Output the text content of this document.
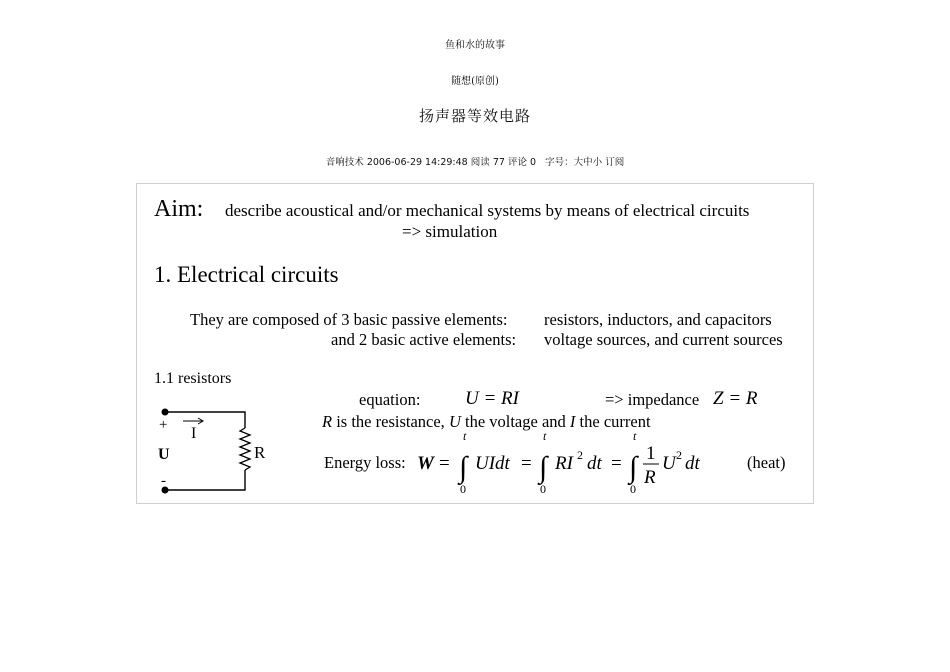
鱼和水的故事
随想(原创)
扬声器等效电路
音响技术 2006-06-29 14:29:48 阅读 77 评论 0 字号：大中小 订阅
Aim: describe acoustical and/or mechanical systems by means of electrical circuits
=> simulation
1. Electrical circuits
They are composed of 3 basic passive elements: resistors, inductors, and capacitors
and 2 basic active elements: voltage sources, and current sources
1.1 resistors
equation: U = RI	=> impedance Z = R
R is the resistance, U the voltage and I the current
Energy loss:	(heat)
W = ∫
t
0
UIdt = ∫
t
0
RI 2 dt = ∫
t
0
1
R
U 2 dt
+ I
U
-
R
